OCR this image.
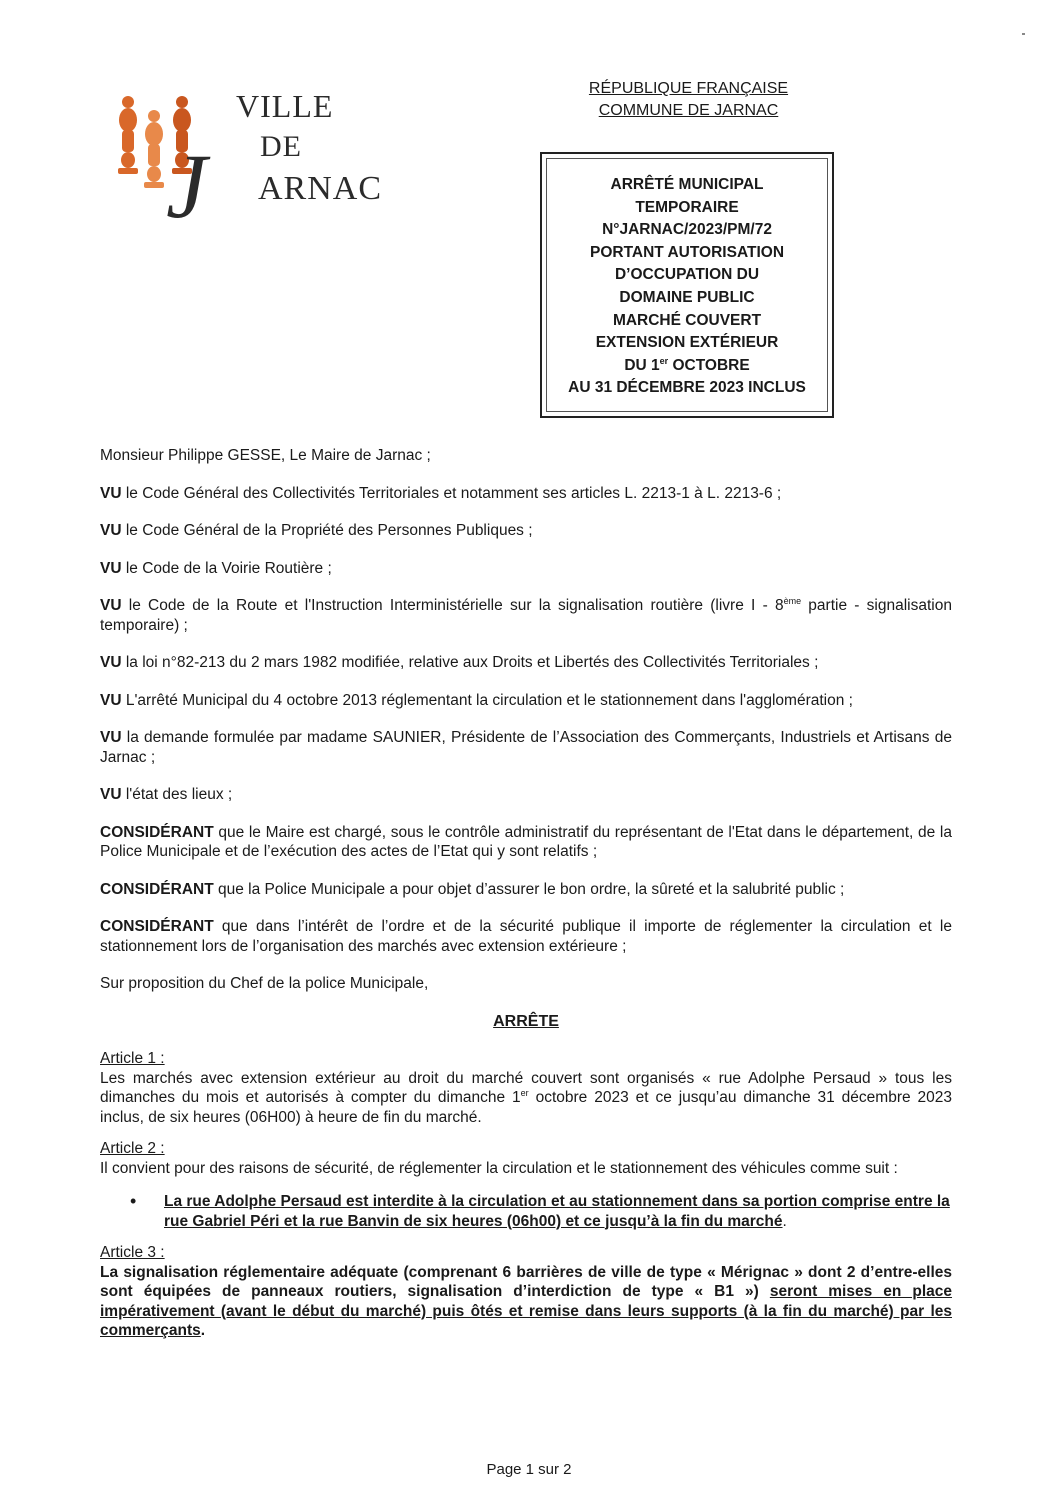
VILLE
DE
J ARNAC
RÉPUBLIQUE FRANÇAISE
COMMUNE DE JARNAC
ARRÊTÉ MUNICIPAL
TEMPORAIRE
N°JARNAC/2023/PM/72
PORTANT AUTORISATION
D’OCCUPATION DU
DOMAINE PUBLIC
MARCHÉ COUVERT
EXTENSION EXTÉRIEUR
DU 1er OCTOBRE
AU 31 DÉCEMBRE 2023 INCLUS

Monsieur Philippe GESSE, Le Maire de Jarnac ;

VU le Code Général des Collectivités Territoriales et notamment ses articles L. 2213-1 à L. 2213-6 ;

VU le Code Général de la Propriété des Personnes Publiques ;

VU le Code de la Voirie Routière ;

VU le Code de la Route et l'Instruction Interministérielle sur la signalisation routière (livre I - 8ème partie - signalisation temporaire) ;

VU la loi n°82-213 du 2 mars 1982 modifiée, relative aux Droits et Libertés des Collectivités Territoriales ;

VU L'arrêté Municipal du 4 octobre 2013 réglementant la circulation et le stationnement dans l'agglomération ;

VU la demande formulée par madame SAUNIER, Présidente de l’Association des Commerçants, Industriels et Artisans de Jarnac ;

VU l'état des lieux ;

CONSIDÉRANT que le Maire est chargé, sous le contrôle administratif du représentant de l'Etat dans le département, de la Police Municipale et de l’exécution des actes de l’Etat qui y sont relatifs ;

CONSIDÉRANT que la Police Municipale a pour objet d’assurer le bon ordre, la sûreté et la salubrité public ;

CONSIDÉRANT que dans l’intérêt de l’ordre et de la sécurité publique il importe de réglementer la circulation et le stationnement lors de l’organisation des marchés avec extension extérieure ;

Sur proposition du Chef de la police Municipale,

ARRÊTE

Article 1 :

Les marchés avec extension extérieur au droit du marché couvert sont organisés « rue Adolphe Persaud » tous les dimanches du mois et autorisés à compter du dimanche 1er octobre 2023 et ce jusqu’au dimanche 31 décembre 2023 inclus, de six heures (06H00) à heure de fin du marché.

Article 2 :

Il convient pour des raisons de sécurité, de réglementer la circulation et le stationnement des véhicules comme suit :

•	La rue Adolphe Persaud est interdite à la circulation et au stationnement dans sa portion comprise entre la rue Gabriel Péri et la rue Banvin de six heures (06h00) et ce jusqu’à la fin du marché.

Article 3 :

La signalisation réglementaire adéquate (comprenant 6 barrières de ville de type « Mérignac » dont 2 d’entre-elles sont équipées de panneaux routiers, signalisation d’interdiction de type « B1 ») seront mises en place impérativement (avant le début du marché) puis ôtés et remise dans leurs supports (à la fin du marché) par les commerçants.

Page 1 sur 2
